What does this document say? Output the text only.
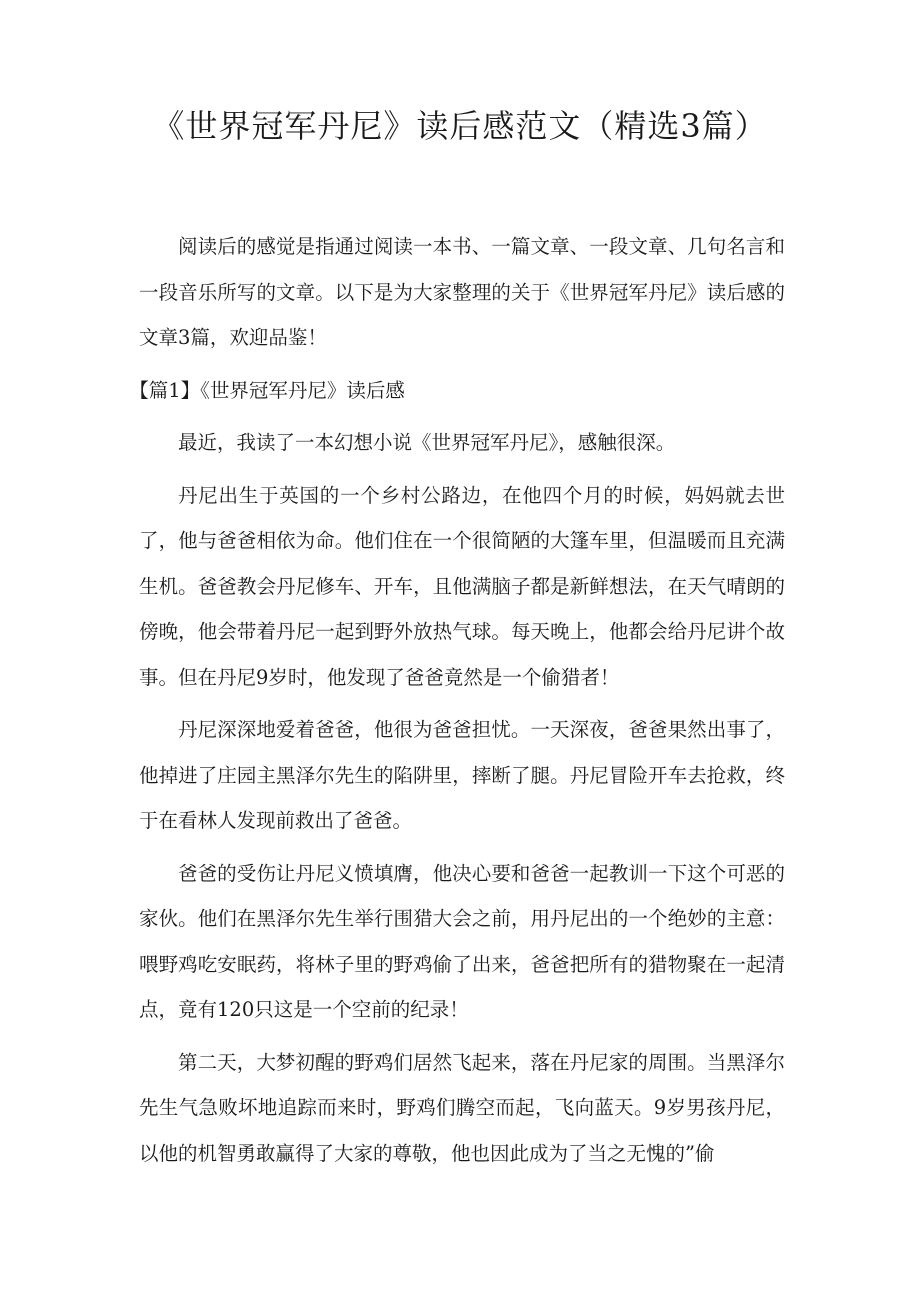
《世界冠军丹尼》读后感范文（精选3篇）

阅读后的感觉是指通过阅读一本书、一篇文章、一段文章、几句名言和一段音乐所写的文章。以下是为大家整理的关于《世界冠军丹尼》读后感的文章3篇，欢迎品鉴！

【篇1】《世界冠军丹尼》读后感

最近，我读了一本幻想小说《世界冠军丹尼》，感触很深。

丹尼出生于英国的一个乡村公路边，在他四个月的时候，妈妈就去世了，他与爸爸相依为命。他们住在一个很简陋的大篷车里，但温暖而且充满生机。爸爸教会丹尼修车、开车，且他满脑子都是新鲜想法，在天气晴朗的傍晚，他会带着丹尼一起到野外放热气球。每天晚上，他都会给丹尼讲个故事。但在丹尼9岁时，他发现了爸爸竟然是一个偷猎者！

丹尼深深地爱着爸爸，他很为爸爸担忧。一天深夜，爸爸果然出事了，他掉进了庄园主黑泽尔先生的陷阱里，摔断了腿。丹尼冒险开车去抢救，终于在看林人发现前救出了爸爸。

爸爸的受伤让丹尼义愤填膺，他决心要和爸爸一起教训一下这个可恶的家伙。他们在黑泽尔先生举行围猎大会之前，用丹尼出的一个绝妙的主意：喂野鸡吃安眠药，将林子里的野鸡偷了出来，爸爸把所有的猎物聚在一起清点，竟有120只这是一个空前的纪录！

第二天，大梦初醒的野鸡们居然飞起来，落在丹尼家的周围。当黑泽尔先生气急败坏地追踪而来时，野鸡们腾空而起，飞向蓝天。9岁男孩丹尼，以他的机智勇敢赢得了大家的尊敬，他也因此成为了当之无愧的”偷
